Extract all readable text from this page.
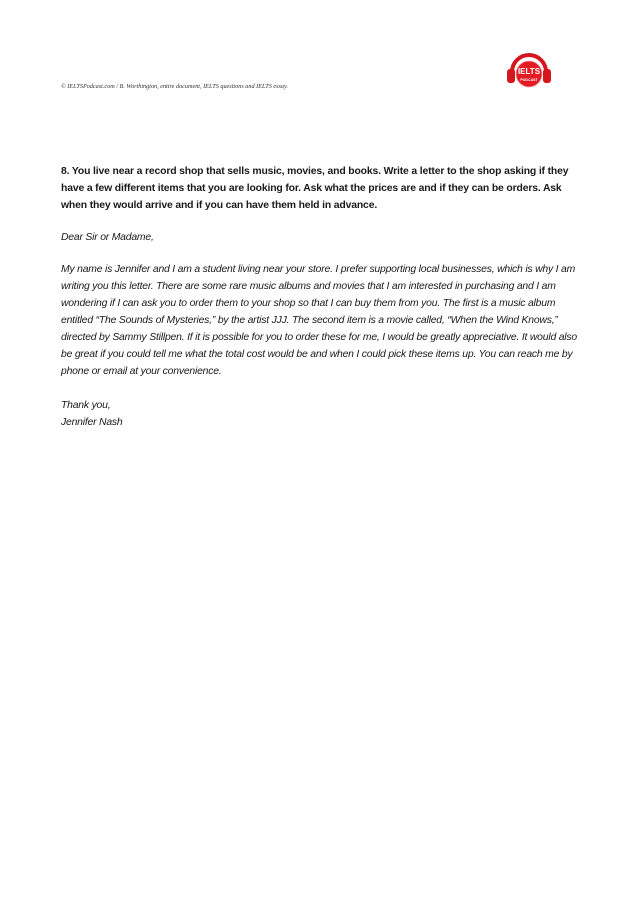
© IELTSPodcast.com / B. Worthington, entire document, IELTS questions and IELTS essay.
IELTS
PODCAST

8. You live near a record shop that sells music, movies, and books. Write a letter to the shop asking if they have a few different items that you are looking for. Ask what the prices are and if they can be orders. Ask when they would arrive and if you can have them held in advance.

Dear Sir or Madame,

My name is Jennifer and I am a student living near your store. I prefer supporting local businesses, which is why I am writing you this letter. There are some rare music albums and movies that I am interested in purchasing and I am wondering if I can ask you to order them to your shop so that I can buy them from you. The first is a music album entitled “The Sounds of Mysteries,” by the artist JJJ. The second item is a movie called, “When the Wind Knows,” directed by Sammy Stillpen. If it is possible for you to order these for me, I would be greatly appreciative. It would also be great if you could tell me what the total cost would be and when I could pick these items up. You can reach me by phone or email at your convenience.

Thank you,

Jennifer Nash
